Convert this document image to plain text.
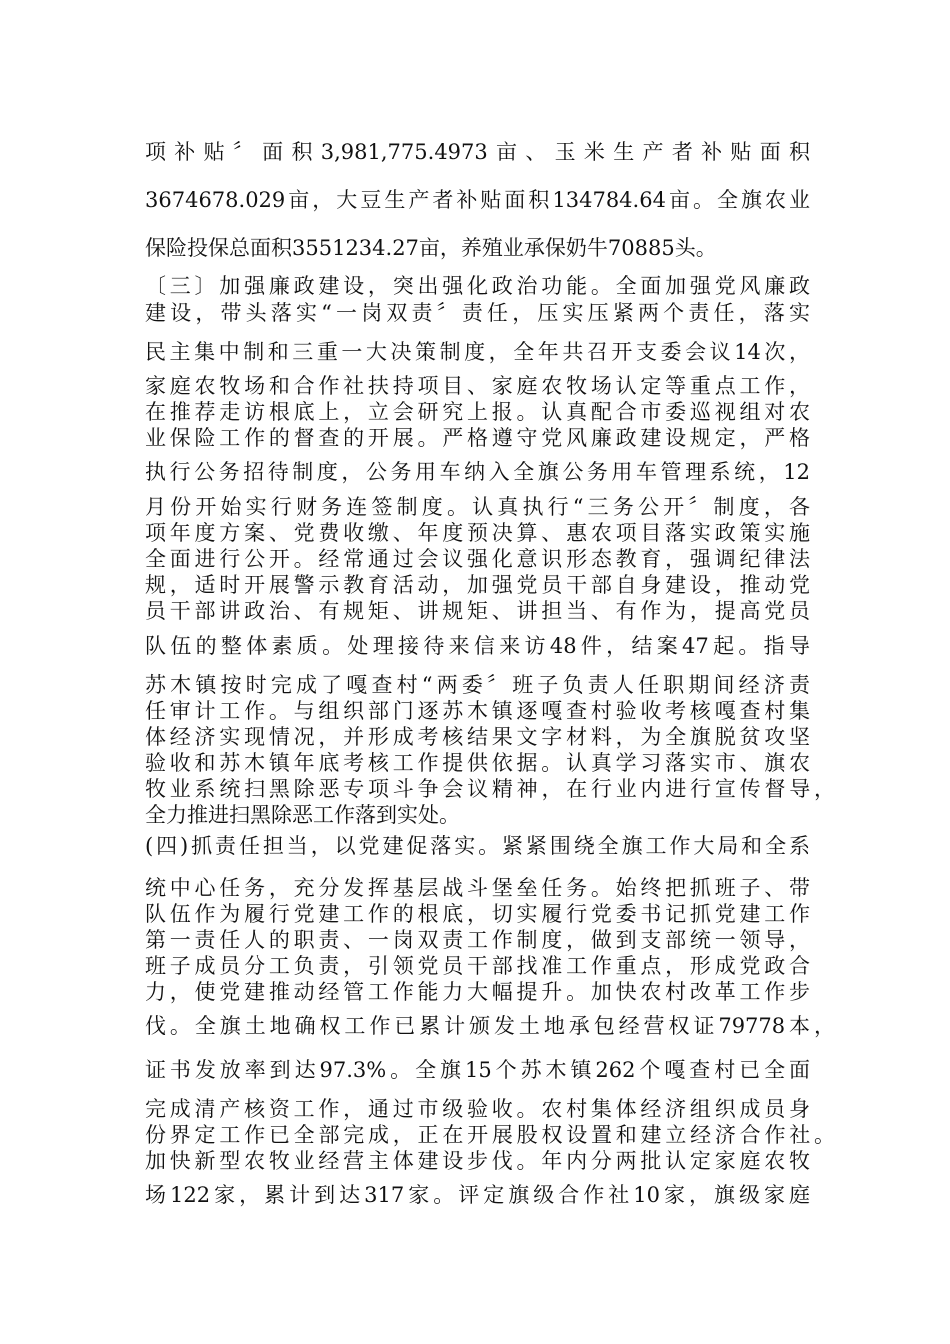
项补贴〞面积3,981,775.4973亩、玉米生产者补贴面积
3674678.029亩，大豆生产者补贴面积134784.64亩。全旗农业
保险投保总面积3551234.27亩，养殖业承保奶牛70885头。
〔三〕加强廉政建设，突出强化政治功能。全面加强党风廉政
建设，带头落实“一岗双责〞责任，压实压紧两个责任，落实
民主集中制和三重一大决策制度，全年共召开支委会议14次，
家庭农牧场和合作社扶持项目、家庭农牧场认定等重点工作，
在推荐走访根底上，立会研究上报。认真配合市委巡视组对农
业保险工作的督查的开展。严格遵守党风廉政建设规定，严格
执行公务招待制度，公务用车纳入全旗公务用车管理系统，12
月份开始实行财务连签制度。认真执行“三务公开〞制度，各
项年度方案、党费收缴、年度预决算、惠农项目落实政策实施
全面进行公开。经常通过会议强化意识形态教育，强调纪律法
规，适时开展警示教育活动，加强党员干部自身建设，推动党
员干部讲政治、有规矩、讲规矩、讲担当、有作为，提高党员
队伍的整体素质。处理接待来信来访48件，结案47起。指导
苏木镇按时完成了嘎查村“两委〞班子负责人任职期间经济责
任审计工作。与组织部门逐苏木镇逐嘎查村验收考核嘎查村集
体经济实现情况，并形成考核结果文字材料，为全旗脱贫攻坚
验收和苏木镇年底考核工作提供依据。认真学习落实市、旗农
牧业系统扫黑除恶专项斗争会议精神，在行业内进行宣传督导，
全力推进扫黑除恶工作落到实处。
(四)抓责任担当，以党建促落实。紧紧围绕全旗工作大局和全系
统中心任务，充分发挥基层战斗堡垒任务。始终把抓班子、带
队伍作为履行党建工作的根底，切实履行党委书记抓党建工作
第一责任人的职责、一岗双责工作制度，做到支部统一领导，
班子成员分工负责，引领党员干部找准工作重点，形成党政合
力，使党建推动经管工作能力大幅提升。加快农村改革工作步
伐。全旗土地确权工作已累计颁发土地承包经营权证79778本，
证书发放率到达97.3%。全旗15个苏木镇262个嘎查村已全面
完成清产核资工作，通过市级验收。农村集体经济组织成员身
份界定工作已全部完成，正在开展股权设置和建立经济合作社。
加快新型农牧业经营主体建设步伐。年内分两批认定家庭农牧
场122家，累计到达317家。评定旗级合作社10家，旗级家庭
